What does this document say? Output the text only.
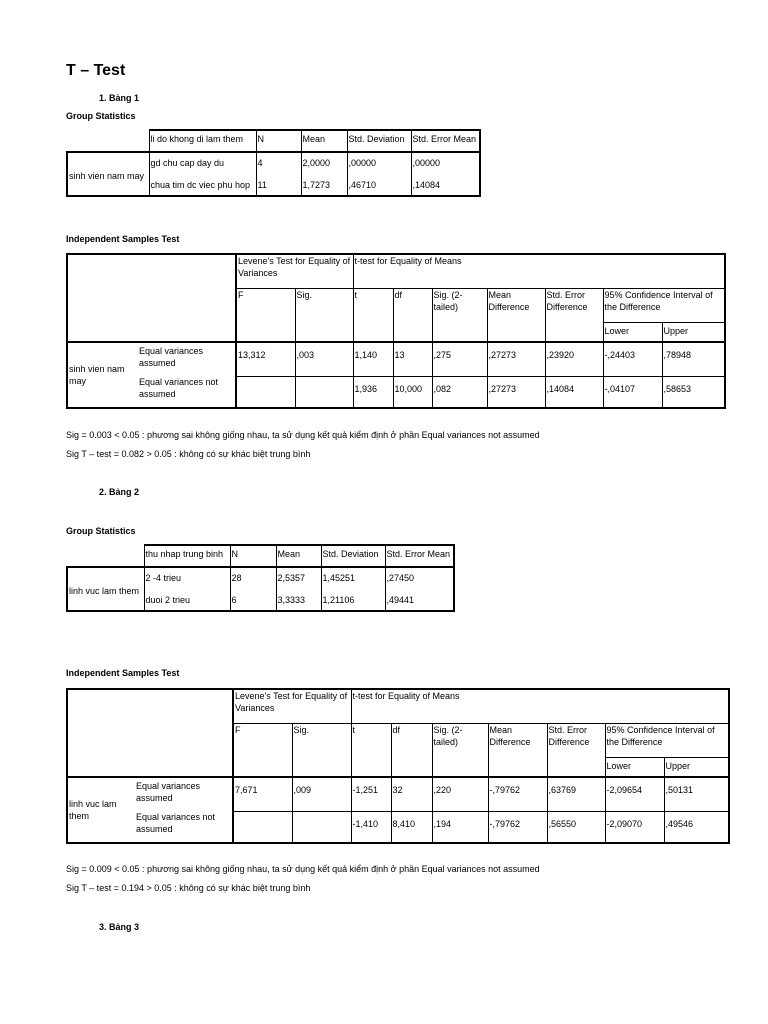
T – Test
1. Bảng 1
Group Statistics
	li do khong di lam them	N	Mean	Std. Deviation	Std. Error Mean
sinh vien nam may	gd chu cap day du	4	2,0000	,00000	,00000
	chua tim dc viec phu hop	11	1,7273	,46710	,14084
Independent Samples Test
		Levene's Test for Equality of Variances		t-test for Equality of Means						
		F	Sig.	t	df	Sig. (2-tailed)	Mean Difference	Std. Error Difference	95% Confidence Interval of the Difference	
									Lower	Upper
sinh vien nam may	Equal variances assumed	13,312	,003	1,140	13	,275	,27273	,23920	-,24403	,78948
	Equal variances not assumed			1,936	10,000	,082	,27273	,14084	-,04107	,58653
Sig = 0.003 < 0.05 : phương sai không giống nhau, ta sử dụng kết quả kiểm định ở phần Equal variances not assumed
Sig T – test = 0.082 > 0.05 : không có sự khác biệt trung bình
2. Bảng 2
Group Statistics
	thu nhap trung binh	N	Mean	Std. Deviation	Std. Error Mean
linh vuc lam them	2 -4 trieu	28	2,5357	1,45251	,27450
	duoi 2 trieu	6	3,3333	1,21106	,49441
Independent Samples Test
		Levene's Test for Equality of Variances		t-test for Equality of Means						
		F	Sig.	t	df	Sig. (2-tailed)	Mean Difference	Std. Error Difference	95% Confidence Interval of the Difference	
									Lower	Upper
linh vuc lam them	Equal variances assumed	7,671	,009	-1,251	32	,220	-,79762	,63769	-2,09654	,50131
	Equal variances not assumed			-1,410	8,410	,194	-,79762	,56550	-2,09070	,49546
Sig = 0.009 < 0.05 : phương sai không giống nhau, ta sử dụng kết quả kiểm định ở phần Equal variances not assumed
Sig T – test = 0.194 > 0.05 : không có sự khác biệt trung bình
3. Bảng 3
